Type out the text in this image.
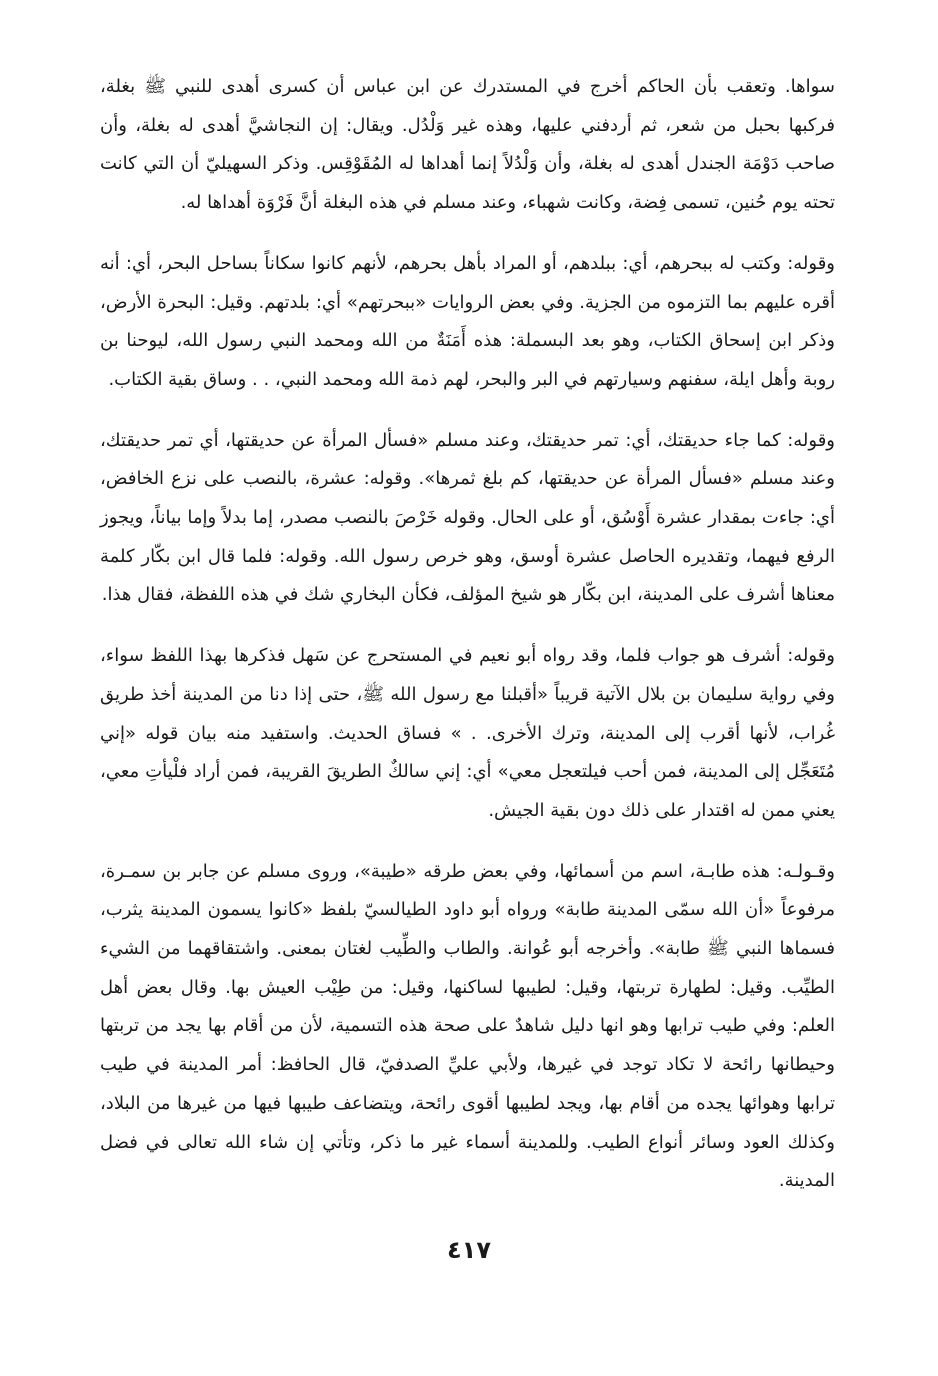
سواها. وتعقب بأن الحاكم أخرج في المستدرك عن ابن عباس أن كسرى أهدى للنبي ﷺ بغلة، فركبها بحبل من شعر، ثم أردفني عليها، وهذه غير وَلْدُل. ويقال: إن النجاشيَّ أهدى له بغلة، وأن صاحب دَوْمَة الجندل أهدى له بغلة، وأن وَلْدُلاً إنما أهداها له المُقَوْقِس. وذكر السهيليّ أن التي كانت تحته يوم حُنين، تسمى فِضة، وكانت شهباء، وعند مسلم في هذه البغلة أنَّ فَرْوَة أهداها له.

وقوله: وكتب له ببحرهم، أي: ببلدهم، أو المراد بأهل بحرهم، لأنهم كانوا سكاناً بساحل البحر، أي: أنه أقره عليهم بما التزموه من الجزية. وفي بعض الروايات «ببحرتهم» أي: بلدتهم. وقيل: البحرة الأرض، وذكر ابن إسحاق الكتاب، وهو بعد البسملة: هذه أَمَنَةٌ من الله ومحمد النبي رسول الله، ليوحنا بن روبة وأهل ايلة، سفنهم وسيارتهم في البر والبحر، لهم ذمة الله ومحمد النبي، . . وساق بقية الكتاب.

وقوله: كما جاء حديقتك، أي: تمر حديقتك، وعند مسلم «فسأل المرأة عن حديقتها، أي تمر حديقتك، وعند مسلم «فسأل المرأة عن حديقتها، كم بلغ ثمرها». وقوله: عشرة، بالنصب على نزع الخافض، أي: جاءت بمقدار عشرة أَوْسُق، أو على الحال. وقوله خَرْصَ بالنصب مصدر، إما بدلاً وإما بياناً، ويجوز الرفع فيهما، وتقديره الحاصل عشرة أوسق، وهو خرص رسول الله. وقوله: فلما قال ابن بكّار كلمة معناها أشرف على المدينة، ابن بكّار هو شيخ المؤلف، فكأن البخاري شك في هذه اللفظة، فقال هذا.

وقوله: أشرف هو جواب فلما، وقد رواه أبو نعيم في المستحرج عن سَهل فذكرها بهذا اللفظ سواء، وفي رواية سليمان بن بلال الآتية قريباً «أقبلنا مع رسول الله ﷺ، حتى إذا دنا من المدينة أخذ طريق غُراب، لأنها أقرب إلى المدينة، وترك الأخرى. . » فساق الحديث. واستفيد منه بيان قوله «إني مُتَعَجِّل إلى المدينة، فمن أحب فيلتعجل معي» أي: إني سالكٌ الطريقَ القريبة، فمن أراد فلْيأتِ معي، يعني ممن له اقتدار على ذلك دون بقية الجيش.

وقـولـه: هذه طابـة، اسم من أسمائها، وفي بعض طرقه «طيبة»، وروى مسلم عن جابر بن سمـرة، مرفوعاً «أن الله سمّى المدينة طابة» ورواه أبو داود الطيالسيّ بلفظ «كانوا يسمون المدينة يثرب، فسماها النبي ﷺ طابة». وأخرجه أبو عُوانة. والطاب والطِّيب لغتان بمعنى. واشتقاقهما من الشيء الطيِّب. وقيل: لطهارة تربتها، وقيل: لطيبها لساكنها، وقيل: من طِيْب العيش بها. وقال بعض أهل العلم: وفي طيب ترابها وهو انها دليل شاهدٌ على صحة هذه التسمية، لأن من أقام بها يجد من تربتها وحيطانها رائحة لا تكاد توجد في غيرها، ولأبي عليِّ الصدفيّ، قال الحافظ: أمر المدينة في طيب ترابها وهوائها يجده من أقام بها، ويجد لطيبها أقوى رائحة، ويتضاعف طيبها فيها من غيرها من البلاد، وكذلك العود وسائر أنواع الطيب. وللمدينة أسماء غير ما ذكر، وتأتي إن شاء الله تعالى في فضل المدينة.

٤١٧
